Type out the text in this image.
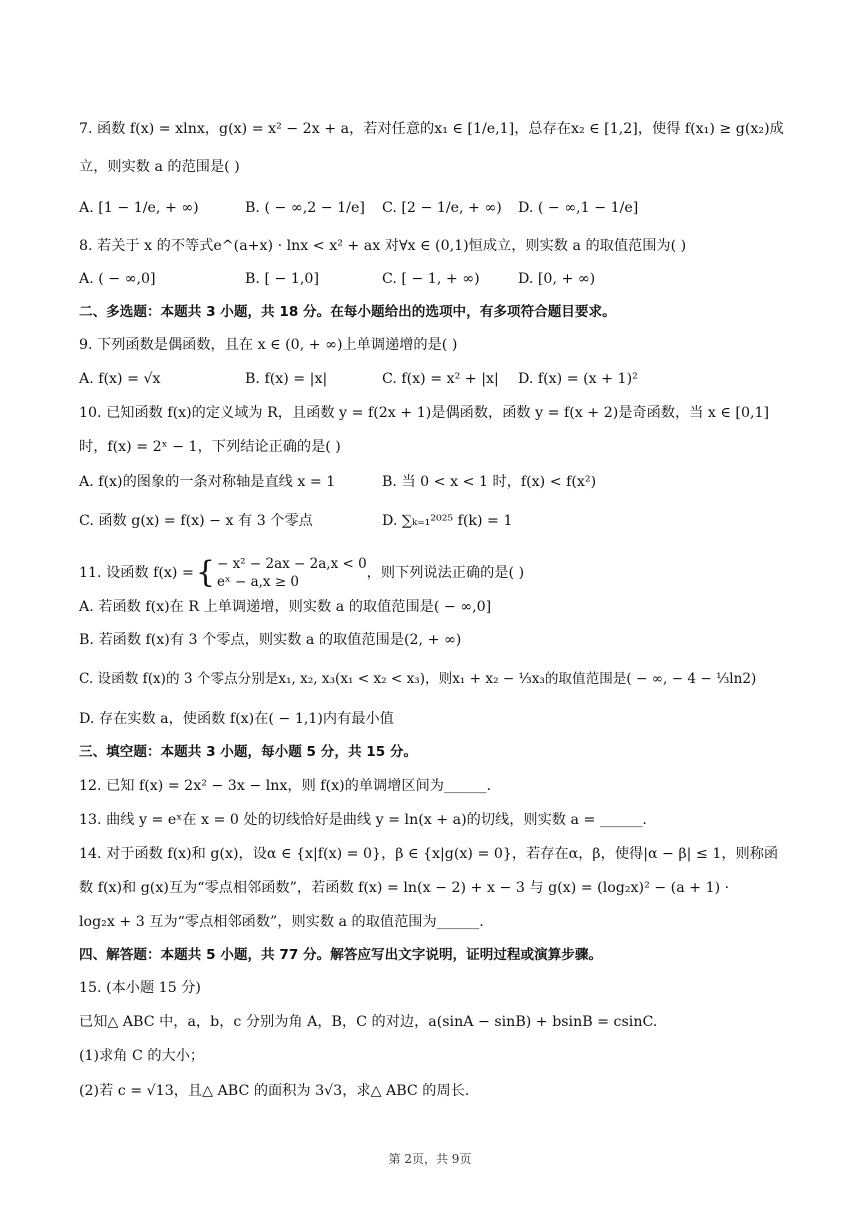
7. 函数 f(x) = xlnx，g(x) = x² − 2x + a，若对任意的x₁ ∈ [1/e,1]，总存在x₂ ∈ [1,2]，使得 f(x₁) ≥ g(x₂)成
立，则实数 a 的范围是( )
A. [1 − 1/e, + ∞)	B. ( − ∞,2 − 1/e] C. [2 − 1/e, + ∞) D. ( − ∞,1 − 1/e]
8. 若关于 x 的不等式e^(a+x) · lnx < x² + ax 对∀x ∈ (0,1)恒成立，则实数 a 的取值范围为( )
A. ( − ∞,0]	B. [ − 1,0]	C. [ − 1, + ∞)	D. [0, + ∞)
二、多选题：本题共 3 小题，共 18 分。在每小题给出的选项中，有多项符合题目要求。
9. 下列函数是偶函数，且在 x ∈ (0, + ∞)上单调递增的是( )
A. f(x) = √x	B. f(x) = |x|	C. f(x) = x² + |x| D. f(x) = (x + 1)²
10. 已知函数 f(x)的定义域为 R，且函数 y = f(2x + 1)是偶函数，函数 y = f(x + 2)是奇函数，当 x ∈ [0,1]
时，f(x) = 2ˣ − 1，下列结论正确的是( )
A. f(x)的图象的一条对称轴是直线 x = 1	B. 当 0 < x < 1 时，f(x) < f(x²)
C. 函数 g(x) = f(x) − x 有 3 个零点	D. ∑ₖ₌₁²⁰²⁵ f(k) = 1
11. 设函数 f(x) = { − x² − 2ax − 2a,x < 0
eˣ − a,x ≥ 0
，则下列说法正确的是( )
A. 若函数 f(x)在 R 上单调递增，则实数 a 的取值范围是( − ∞,0]
B. 若函数 f(x)有 3 个零点，则实数 a 的取值范围是(2, + ∞)
C. 设函数 f(x)的 3 个零点分别是x₁, x₂, x₃(x₁ < x₂ < x₃)，则x₁ + x₂ − ⅓x₃的取值范围是( − ∞, − 4 − ⅓ln2)
D. 存在实数 a，使函数 f(x)在( − 1,1)内有最小值
三、填空题：本题共 3 小题，每小题 5 分，共 15 分。
12. 已知 f(x) = 2x² − 3x − lnx，则 f(x)的单调增区间为______.
13. 曲线 y = eˣ在 x = 0 处的切线恰好是曲线 y = ln(x + a)的切线，则实数 a = ______.
14. 对于函数 f(x)和 g(x)，设α ∈ {x|f(x) = 0}，β ∈ {x|g(x) = 0}，若存在α，β，使得|α − β| ≤ 1，则称函
数 f(x)和 g(x)互为“零点相邻函数”，若函数 f(x) = ln(x − 2) + x − 3 与 g(x) = (log₂x)² − (a + 1) ·
log₂x + 3 互为“零点相邻函数”，则实数 a 的取值范围为______.
四、解答题：本题共 5 小题，共 77 分。解答应写出文字说明，证明过程或演算步骤。
15. (本小题 15 分)
已知△ ABC 中，a，b，c 分别为角 A，B，C 的对边，a(sinA − sinB) + bsinB = csinC.
(1)求角 C 的大小；
(2)若 c = √13，且△ ABC 的面积为 3√3，求△ ABC 的周长.
第 2页，共 9页
